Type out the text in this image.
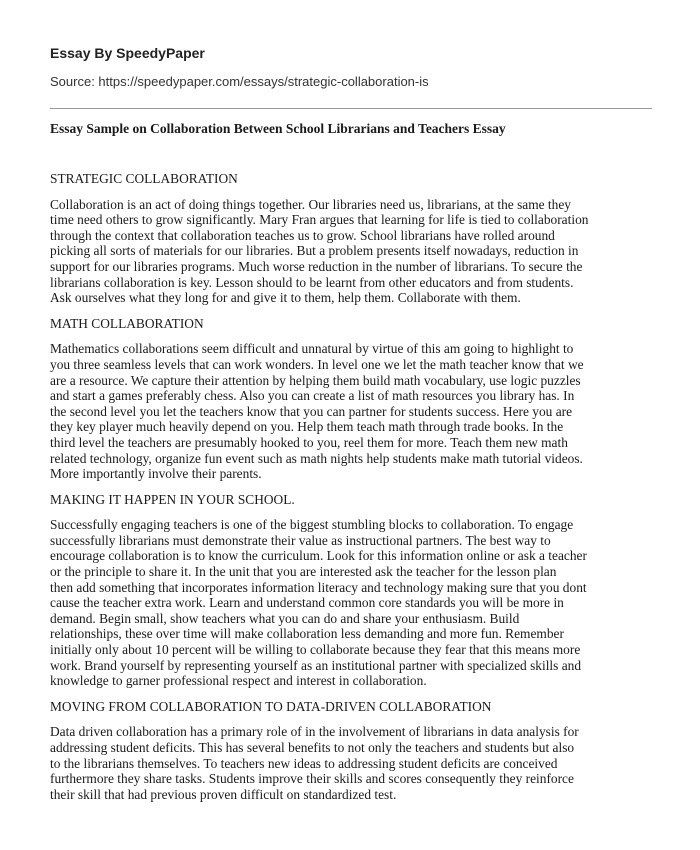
Essay By SpeedyPaper
Source: https://speedypaper.com/essays/strategic-collaboration-is
Essay Sample on Collaboration Between School Librarians and Teachers Essay
STRATEGIC COLLABORATION
Collaboration is an act of doing things together. Our libraries need us, librarians, at the same they
time need others to grow significantly. Mary Fran argues that learning for life is tied to collaboration
through the context that collaboration teaches us to grow. School librarians have rolled around
picking all sorts of materials for our libraries. But a problem presents itself nowadays, reduction in
support for our libraries programs. Much worse reduction in the number of librarians. To secure the
librarians collaboration is key. Lesson should to be learnt from other educators and from students.
Ask ourselves what they long for and give it to them, help them. Collaborate with them.
MATH COLLABORATION
Mathematics collaborations seem difficult and unnatural by virtue of this am going to highlight to
you three seamless levels that can work wonders. In level one we let the math teacher know that we
are a resource. We capture their attention by helping them build math vocabulary, use logic puzzles
and start a games preferably chess. Also you can create a list of math resources you library has. In
the second level you let the teachers know that you can partner for students success. Here you are
they key player much heavily depend on you. Help them teach math through trade books. In the
third level the teachers are presumably hooked to you, reel them for more. Teach them new math
related technology, organize fun event such as math nights help students make math tutorial videos.
More importantly involve their parents.
MAKING IT HAPPEN IN YOUR SCHOOL.
Successfully engaging teachers is one of the biggest stumbling blocks to collaboration. To engage
successfully librarians must demonstrate their value as instructional partners. The best way to
encourage collaboration is to know the curriculum. Look for this information online or ask a teacher
or the principle to share it. In the unit that you are interested ask the teacher for the lesson plan
then add something that incorporates information literacy and technology making sure that you dont
cause the teacher extra work. Learn and understand common core standards you will be more in
demand. Begin small, show teachers what you can do and share your enthusiasm. Build
relationships, these over time will make collaboration less demanding and more fun. Remember
initially only about 10 percent will be willing to collaborate because they fear that this means more
work. Brand yourself by representing yourself as an institutional partner with specialized skills and
knowledge to garner professional respect and interest in collaboration.
MOVING FROM COLLABORATION TO DATA-DRIVEN COLLABORATION
Data driven collaboration has a primary role of in the involvement of librarians in data analysis for
addressing student deficits. This has several benefits to not only the teachers and students but also
to the librarians themselves. To teachers new ideas to addressing student deficits are conceived
furthermore they share tasks. Students improve their skills and scores consequently they reinforce
their skill that had previous proven difficult on standardized test.
